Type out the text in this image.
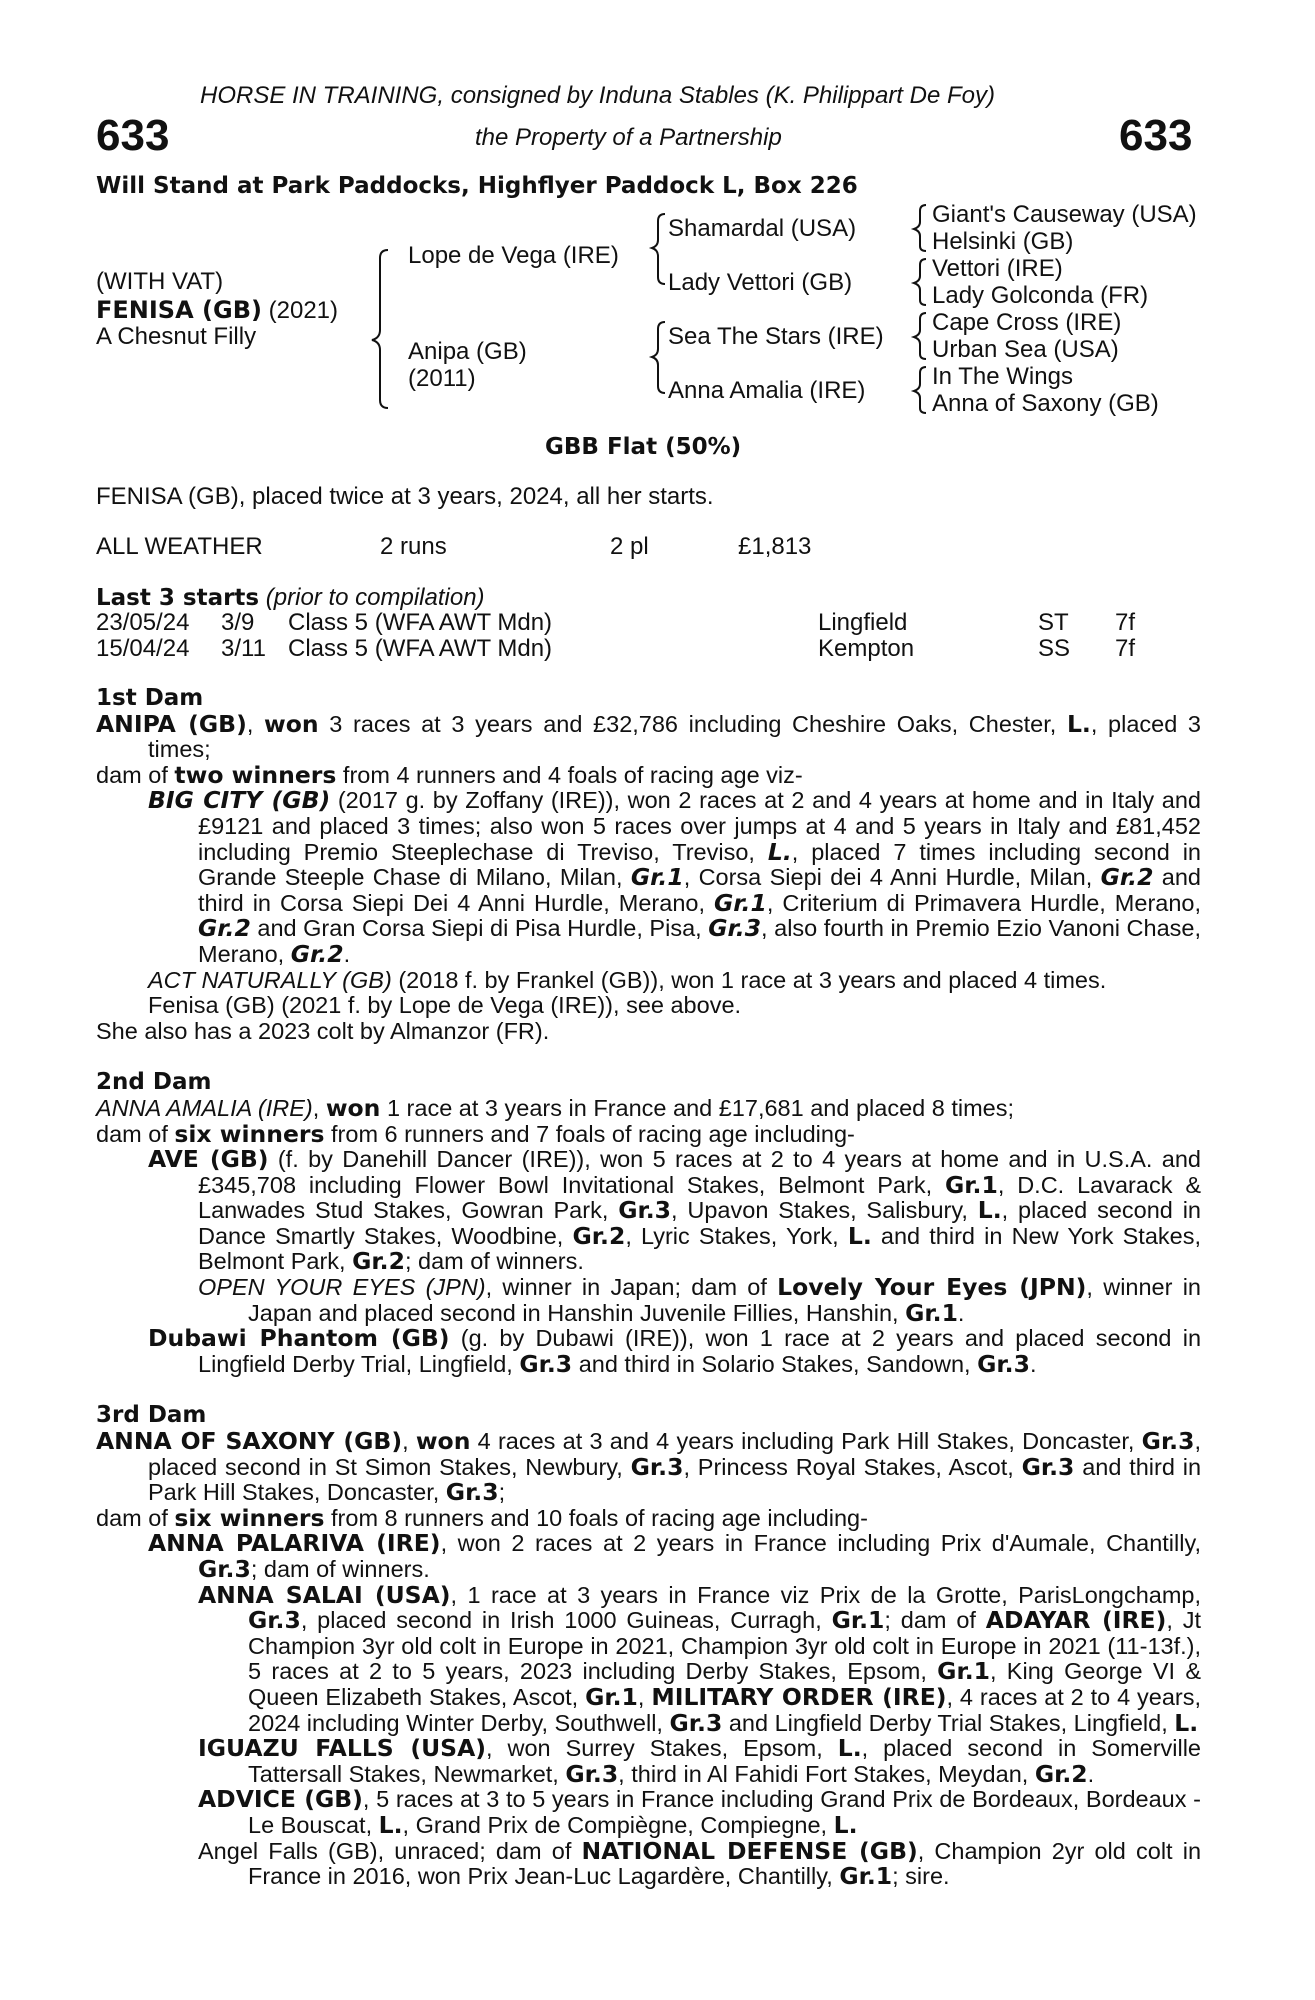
HORSE IN TRAINING, consigned by Induna Stables (K. Philippart De Foy)
633	the Property of a Partnership	633
Will Stand at Park Paddocks, Highflyer Paddock L, Box 226
(WITH VAT)
FENISA (GB) (2021)
A Chesnut Filly
Lope de Vega (IRE)
Anipa (GB)
(2011)
Shamardal (USA)
Lady Vettori (GB)
Sea The Stars (IRE)
Anna Amalia (IRE)
Giant's Causeway (USA)
Helsinki (GB)
Vettori (IRE)
Lady Golconda (FR)
Cape Cross (IRE)
Urban Sea (USA)
In The Wings
Anna of Saxony (GB)
GBB Flat (50%)
FENISA (GB), placed twice at 3 years, 2024, all her starts.
ALL WEATHER	2 runs	2 pl	£1,813
Last 3 starts (prior to compilation)
23/05/24 3/9 Class 5 (WFA AWT Mdn)	Lingfield	ST 7f
15/04/24 3/11 Class 5 (WFA AWT Mdn)	Kempton	SS 7f

1st Dam

ANIPA (GB), won 3 races at 3 years and £32,786 including Cheshire Oaks, Chester, L., placed 3 times;

dam of two winners from 4 runners and 4 foals of racing age viz-

BIG CITY (GB) (2017 g. by Zoffany (IRE)), won 2 races at 2 and 4 years at home and in Italy and £9121 and placed 3 times; also won 5 races over jumps at 4 and 5 years in Italy and £81,452 including Premio Steeplechase di Treviso, Treviso, L., placed 7 times including second in Grande Steeple Chase di Milano, Milan, Gr.1, Corsa Siepi dei 4 Anni Hurdle, Milan, Gr.2 and third in Corsa Siepi Dei 4 Anni Hurdle, Merano, Gr.1, Criterium di Primavera Hurdle, Merano, Gr.2 and Gran Corsa Siepi di Pisa Hurdle, Pisa, Gr.3, also fourth in Premio Ezio Vanoni Chase, Merano, Gr.2.

ACT NATURALLY (GB) (2018 f. by Frankel (GB)), won 1 race at 3 years and placed 4 times.

Fenisa (GB) (2021 f. by Lope de Vega (IRE)), see above.

She also has a 2023 colt by Almanzor (FR).

2nd Dam

ANNA AMALIA (IRE), won 1 race at 3 years in France and £17,681 and placed 8 times;

dam of six winners from 6 runners and 7 foals of racing age including-

AVE (GB) (f. by Danehill Dancer (IRE)), won 5 races at 2 to 4 years at home and in U.S.A. and £345,708 including Flower Bowl Invitational Stakes, Belmont Park, Gr.1, D.C. Lavarack & Lanwades Stud Stakes, Gowran Park, Gr.3, Upavon Stakes, Salisbury, L., placed second in Dance Smartly Stakes, Woodbine, Gr.2, Lyric Stakes, York, L. and third in New York Stakes, Belmont Park, Gr.2; dam of winners.

OPEN YOUR EYES (JPN), winner in Japan; dam of Lovely Your Eyes (JPN), winner in Japan and placed second in Hanshin Juvenile Fillies, Hanshin, Gr.1.

Dubawi Phantom (GB) (g. by Dubawi (IRE)), won 1 race at 2 years and placed second in Lingfield Derby Trial, Lingfield, Gr.3 and third in Solario Stakes, Sandown, Gr.3.

3rd Dam

ANNA OF SAXONY (GB), won 4 races at 3 and 4 years including Park Hill Stakes, Doncaster, Gr.3, placed second in St Simon Stakes, Newbury, Gr.3, Princess Royal Stakes, Ascot, Gr.3 and third in Park Hill Stakes, Doncaster, Gr.3;

dam of six winners from 8 runners and 10 foals of racing age including-

ANNA PALARIVA (IRE), won 2 races at 2 years in France including Prix d'Aumale, Chantilly, Gr.3; dam of winners.

ANNA SALAI (USA), 1 race at 3 years in France viz Prix de la Grotte, ParisLongchamp, Gr.3, placed second in Irish 1000 Guineas, Curragh, Gr.1; dam of ADAYAR (IRE), Jt Champion 3yr old colt in Europe in 2021, Champion 3yr old colt in Europe in 2021 (11-13f.), 5 races at 2 to 5 years, 2023 including Derby Stakes, Epsom, Gr.1, King George VI & Queen Elizabeth Stakes, Ascot, Gr.1, MILITARY ORDER (IRE), 4 races at 2 to 4 years, 2024 including Winter Derby, Southwell, Gr.3 and Lingfield Derby Trial Stakes, Lingfield, L.

IGUAZU FALLS (USA), won Surrey Stakes, Epsom, L., placed second in Somerville Tattersall Stakes, Newmarket, Gr.3, third in Al Fahidi Fort Stakes, Meydan, Gr.2.

ADVICE (GB), 5 races at 3 to 5 years in France including Grand Prix de Bordeaux, Bordeaux - Le Bouscat, L., Grand Prix de Compiègne, Compiegne, L.

Angel Falls (GB), unraced; dam of NATIONAL DEFENSE (GB), Champion 2yr old colt in France in 2016, won Prix Jean-Luc Lagardère, Chantilly, Gr.1; sire.
